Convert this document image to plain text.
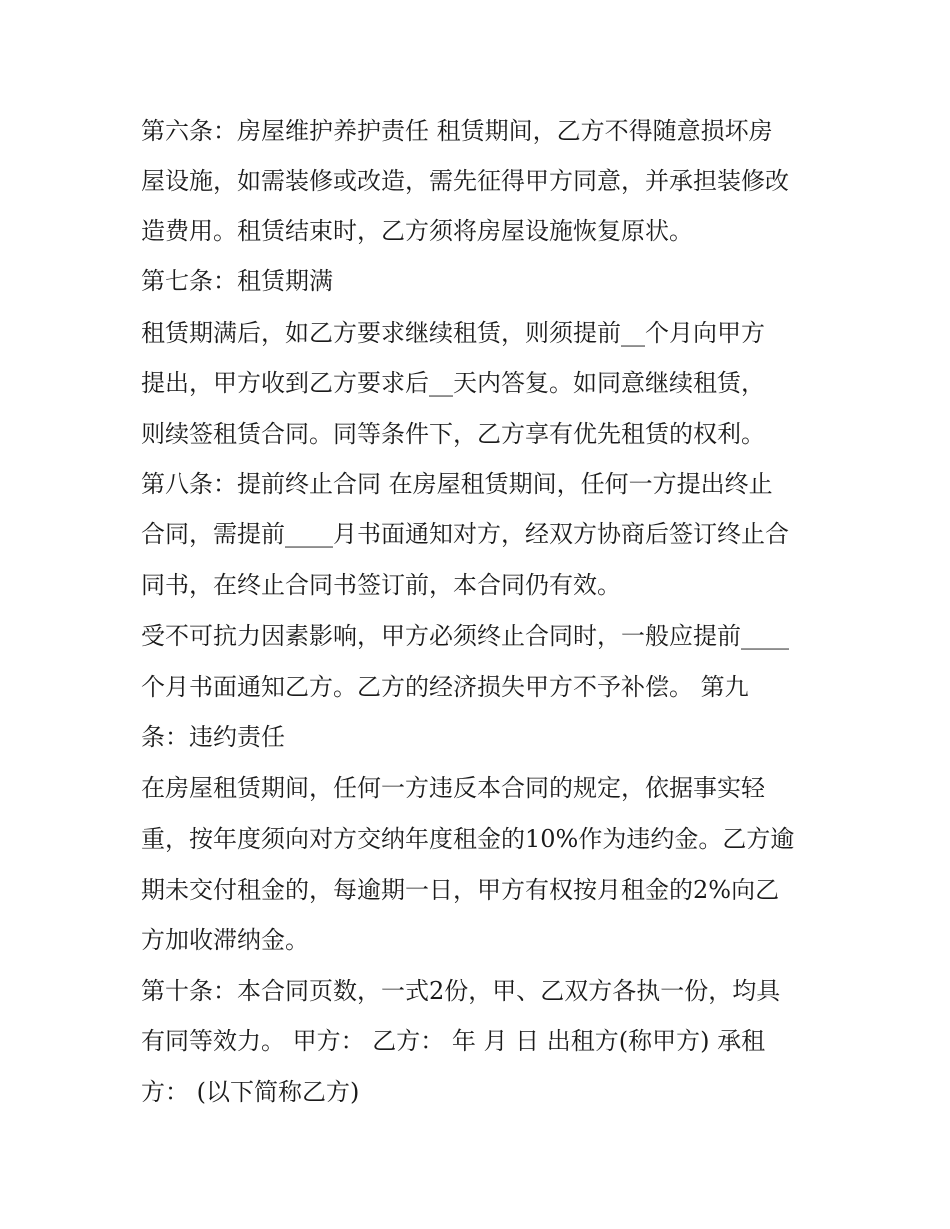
第六条：房屋维护养护责任 租赁期间，乙方不得随意损坏房

屋设施，如需装修或改造，需先征得甲方同意，并承担装修改

造费用。租赁结束时，乙方须将房屋设施恢复原状。

第七条：租赁期满

租赁期满后，如乙方要求继续租赁，则须提前__个月向甲方

提出，甲方收到乙方要求后__天内答复。如同意继续租赁，

则续签租赁合同。同等条件下，乙方享有优先租赁的权利。

第八条：提前终止合同 在房屋租赁期间，任何一方提出终止

合同，需提前____月书面通知对方，经双方协商后签订终止合

同书，在终止合同书签订前，本合同仍有效。

受不可抗力因素影响，甲方必须终止合同时，一般应提前____

个月书面通知乙方。乙方的经济损失甲方不予补偿。 第九

条：违约责任

在房屋租赁期间，任何一方违反本合同的规定，依据事实轻

重，按年度须向对方交纳年度租金的10%作为违约金。乙方逾

期未交付租金的，每逾期一日，甲方有权按月租金的2%向乙

方加收滞纳金。

第十条：本合同页数，一式2份，甲、乙双方各执一份，均具

有同等效力。 甲方： 乙方： 年 月 日 出租方(称甲方) 承租

方： (以下简称乙方)
